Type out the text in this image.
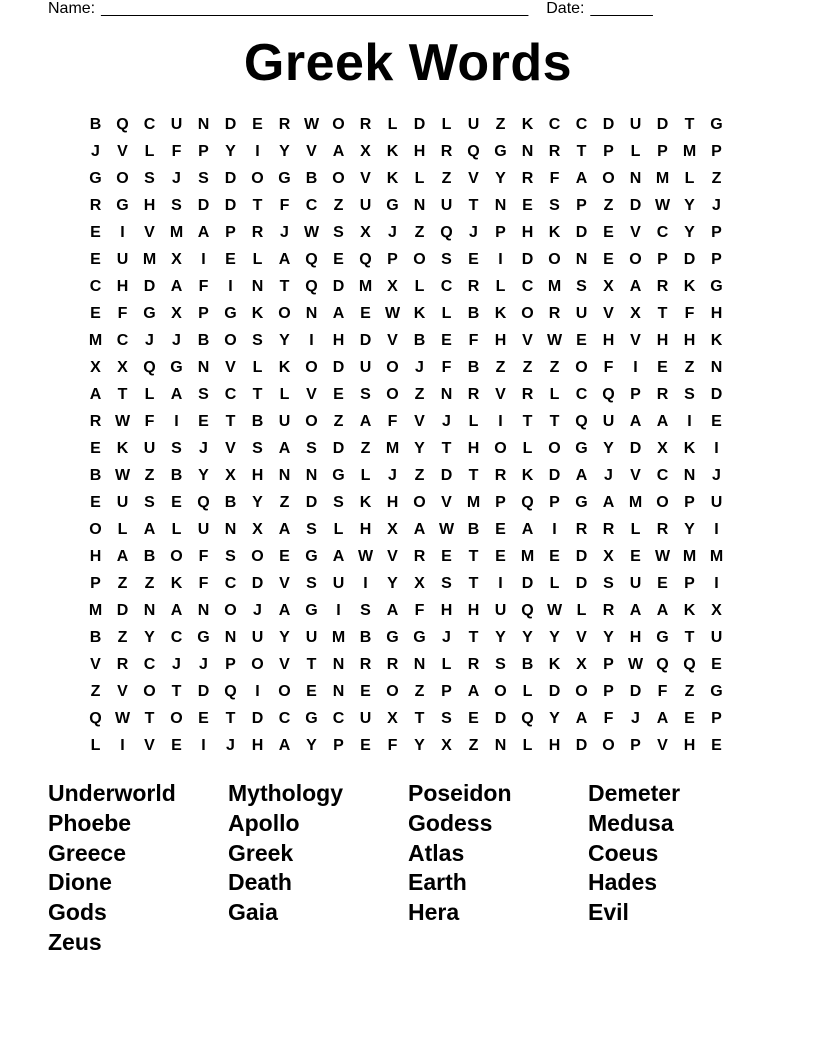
Name: ________________________________________________ Date: _______
Greek Words
B Q C U N D E R W O R	L	D	L	U	Z	K C C D U D	T G
J	V	L	F	P	Y	I	Y	V A X K H R Q G N R	T	P	L	P M P
G O S	J	S D O G B O V K	L	Z	V	Y R	F	A O N M L	Z
R G H S D D	T	F	C	Z	U G N U	T	N E	S	P	Z	D W Y	J
E	I	V M A P R	J W S	X	J	Z Q	J	P H K D E	V C Y	P
E U M X	I	E	L	A Q E Q P O S	E	I	D O N E O P D P
C H D A	F	I	N	T Q D M X	L	C R	L	C M S	X A R K G
E	F G X	P G K O N A E W K	L	B K O R U V	X	T	F	H
M C	J	J	B O S	Y	I	H D V B E	F	H V W E H V H H K
X	X Q G N V	L	K O D U O	J	F	B	Z	Z	Z O F	I	E	Z	N
A	T	L	A S C	T	L	V	E	S O Z	N R V R	L	C Q P R S D
R W F	I	E	T	B U O Z	A	F	V	J	L	I	T	T Q U A A	I	E
E K U S	J	V	S A S D	Z M Y	T	H O L O G Y D X K	I
B W Z	B Y	X H N N G L	J	Z	D	T	R K D A	J	V C N	J
E U S	E Q B Y	Z	D S K H O V M P Q P G A M O P U
O L	A	L	U N X A S	L	H X A W B E A	I	R R	L	R Y	I
H A B O F	S O E G A W V R E	T	E M E D X	E W M M
P	Z	Z	K	F	C D V	S U	I	Y	X	S	T	I	D	L	D S U E	P	I
M D N A N O	J	A G	I	S A	F	H H U Q W L	R A A K X
B	Z	Y C G N U Y U M B G G	J	T	Y	Y	Y	V	Y H G T	U
V R C	J	J	P O V	T	N R R N	L	R S B K X	P W Q Q E
Z	V O T	D Q	I	O E N E O Z	P A O L	D O P D	F	Z G
Q W T O E	T	D C G C U X	T	S	E D Q Y A	F	J	A E	P
L	I	V	E	I	J	H A Y	P	E	F	Y	X	Z	N	L	H D O P	V H E
Underworld	Mythology	Poseidon	Demeter
Phoebe	Apollo	Godess	Medusa
Greece	Greek	Atlas	Coeus
Dione	Death	Earth	Hades
Gods	Gaia	Hera	Evil
Zeus
